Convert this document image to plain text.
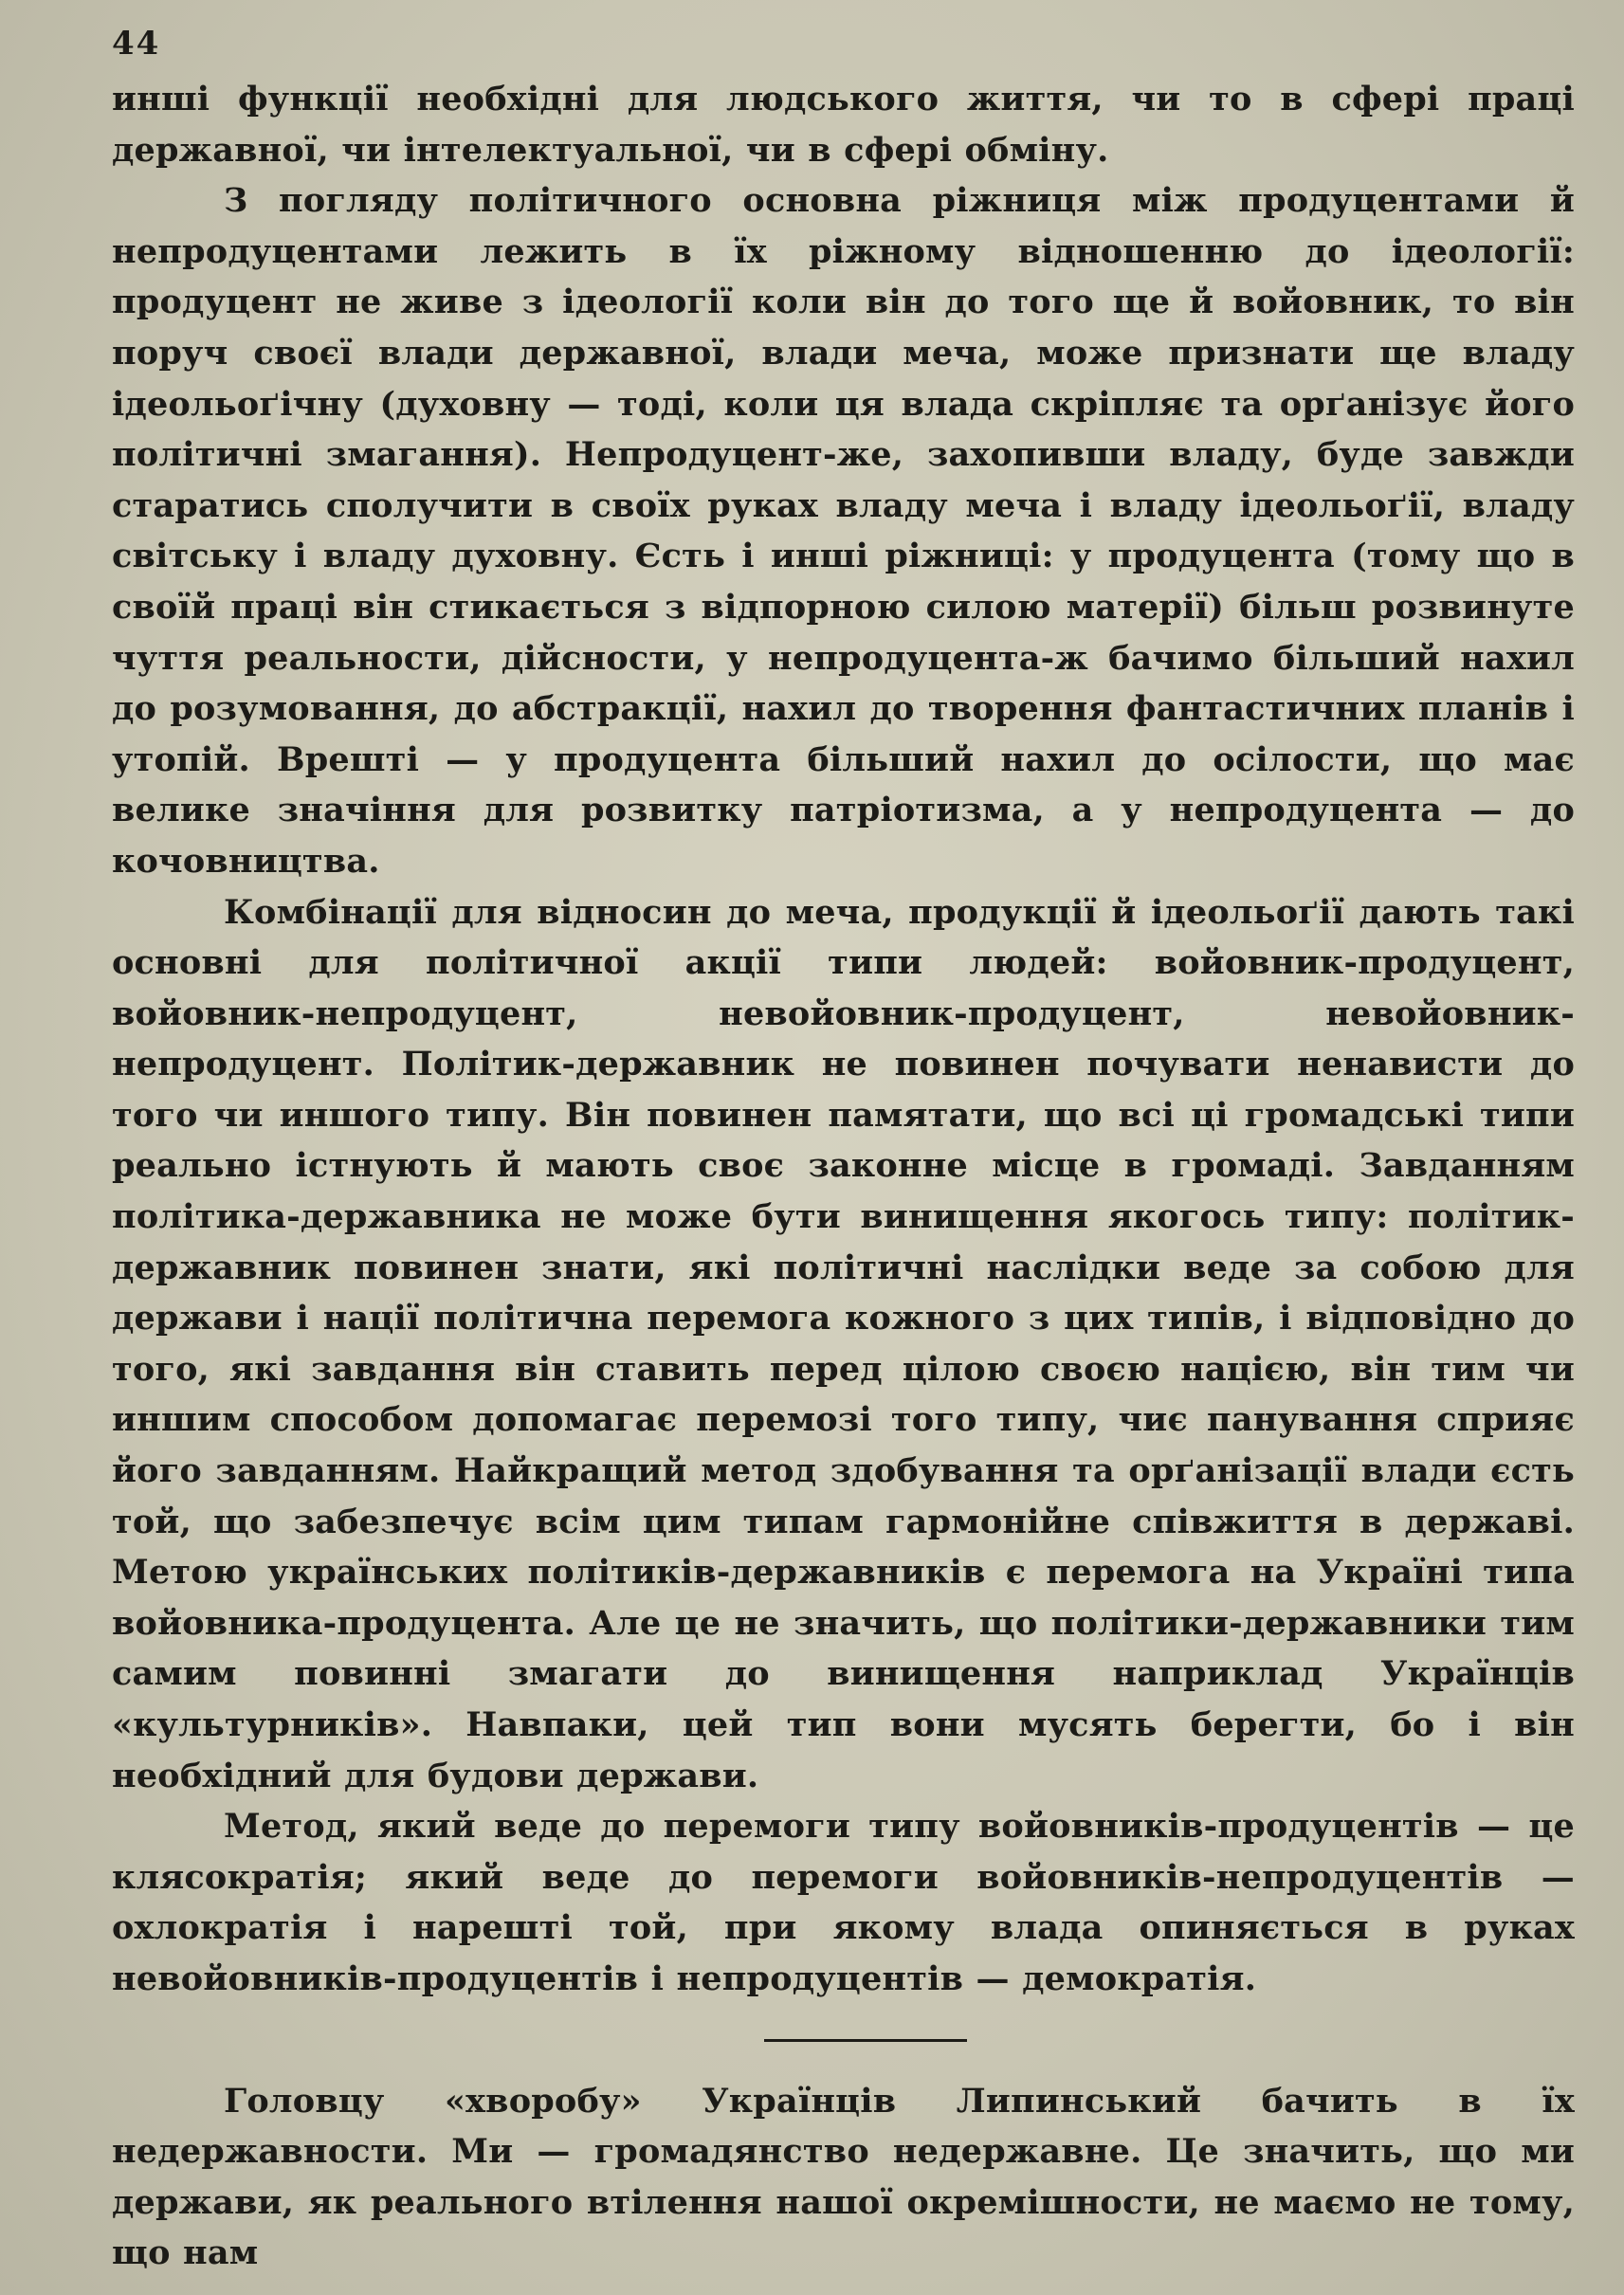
44

инші функції необхідні для людського життя, чи то в сфері праці державної, чи інтелектуальної, чи в сфері обміну.

З погляду політичного основна ріжниця між продуцентами й непродуцентами лежить в їх ріжному відношенню до ідеології: продуцент не живе з ідеології коли він до того ще й войовник, то він поруч своєї влади державної, влади меча, може признати ще владу ідеольоґічну (духовну — тоді, коли ця влада скріпляє та орґанізує його політичні змагання). Непродуцент-же, захопивши владу, буде завжди старатись сполучити в своїх руках владу меча і владу ідеольоґії, владу світську і владу духовну. Єсть і инші ріжниці: у продуцента (тому що в своїй праці він стикається з відпорною силою матерії) більш розвинуте чуття реальности, дійсности, у непродуцента-ж бачимо більший нахил до розумовання, до абстракції, нахил до творення фантастичних планів і утопій. Врешті — у продуцента більший нахил до осілости, що має велике значіння для розвитку патріотизма, а у непродуцента — до кочовництва.

Комбінації для відносин до меча, продукції й ідеольоґії дають такі основні для політичної акції типи людей: войовник-продуцент, войовник-непродуцент, невойовник-продуцент, невойовник-непродуцент. Політик-державник не повинен почувати ненависти до того чи иншого типу. Він повинен памятати, що всі ці громадські типи реально істнують й мають своє законне місце в громаді. Завданням політика-державника не може бути винищення якогось типу: політик-державник повинен знати, які політичні наслідки веде за собою для держави і нації політична перемога кожного з цих типів, і відповідно до того, які завдання він ставить перед цілою своєю нацією, він тим чи иншим способом допомагає перемозі того типу, чиє панування сприяє його завданням. Найкращий метод здобування та орґанізації влади єсть той, що забезпечує всім цим типам гармонійне співжиття в державі. Метою українських політиків-державників є перемога на Україні типа войовника-продуцента. Але це не значить, що політики-державники тим самим повинні змагати до винищення наприклад Українців «культурників». Навпаки, цей тип вони мусять берегти, бо і він необхідний для будови держави.

Метод, який веде до перемоги типу войовників-продуцентів — це клясократія; який веде до перемоги войовників-непродуцентів — охлократія і нарешті той, при якому влада опиняється в руках невойовників-продуцентів і непродуцентів — демократія.

Головцу «хворобу» Українців Липинський бачить в їх недержавности. Ми — громадянство недержавне. Це значить, що ми держави, як реального втілення нашої окремішности, не маємо не тому, що нам
